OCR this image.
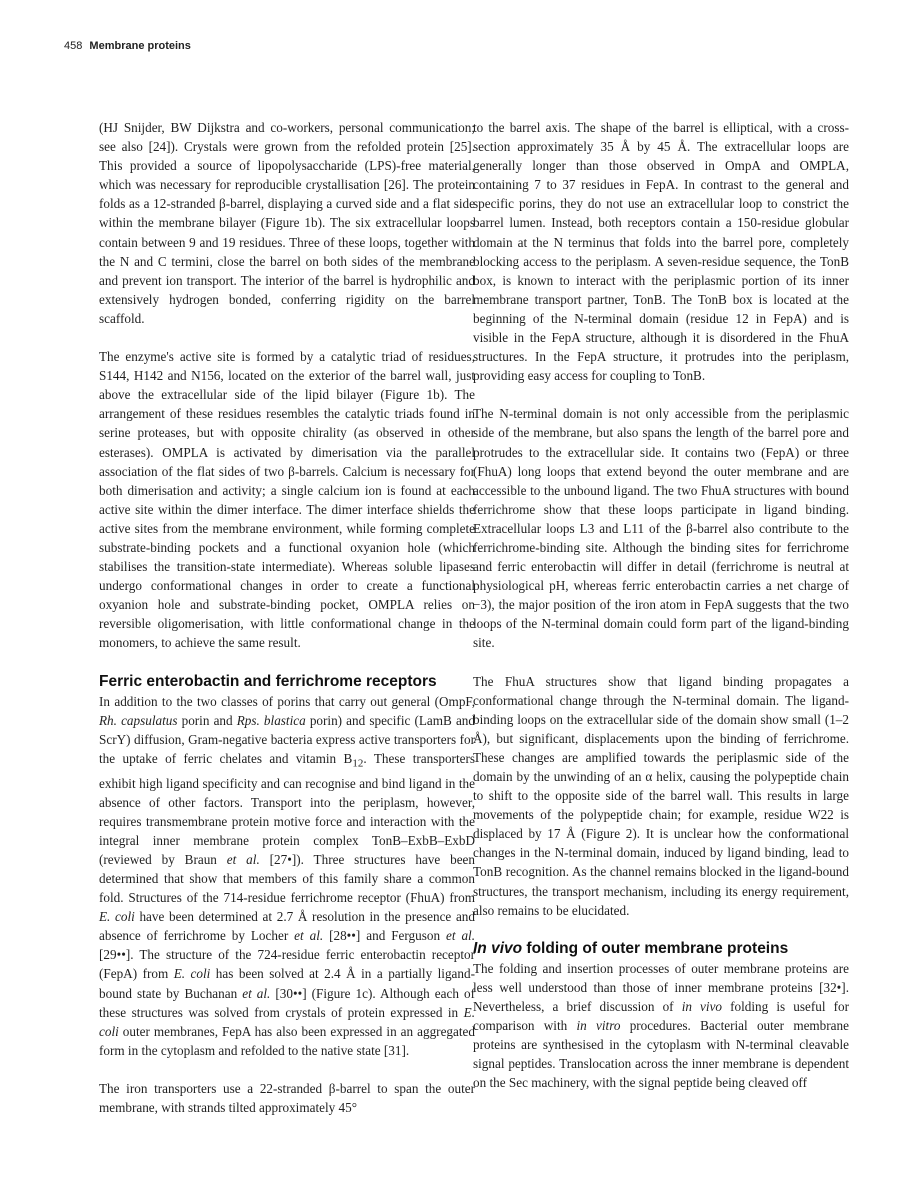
458 Membrane proteins

(HJ Snijder, BW Dijkstra and co-workers, personal communication; see also [24]). Crystals were grown from the refolded protein [25]. This provided a source of lipopolysaccharide (LPS)-free material, which was necessary for reproducible crystallisation [26]. The protein folds as a 12-stranded β-barrel, displaying a curved side and a flat side within the membrane bilayer (Figure 1b). The six extracellular loops contain between 9 and 19 residues. Three of these loops, together with the N and C termini, close the barrel on both sides of the membrane and prevent ion transport. The interior of the barrel is hydrophilic and extensively hydrogen bonded, conferring rigidity on the barrel scaffold.

The enzyme's active site is formed by a catalytic triad of residues, S144, H142 and N156, located on the exterior of the barrel wall, just above the extracellular side of the lipid bilayer (Figure 1b). The arrangement of these residues resembles the catalytic triads found in serine proteases, but with opposite chirality (as observed in other esterases). OMPLA is activated by dimerisation via the parallel association of the flat sides of two β-barrels. Calcium is necessary for both dimerisation and activity; a single calcium ion is found at each active site within the dimer interface. The dimer interface shields the active sites from the membrane environment, while forming complete substrate-binding pockets and a functional oxyanion hole (which stabilises the transition-state intermediate). Whereas soluble lipases undergo conformational changes in order to create a functional oxyanion hole and substrate-binding pocket, OMPLA relies on reversible oligomerisation, with little conformational change in the monomers, to achieve the same result.

Ferric enterobactin and ferrichrome receptors

In addition to the two classes of porins that carry out general (OmpF, Rh. capsulatus porin and Rps. blastica porin) and specific (LamB and ScrY) diffusion, Gram-negative bacteria express active transporters for the uptake of ferric chelates and vitamin $B_{12}$. These transporters exhibit high ligand specificity and can recognise and bind ligand in the absence of other factors. Transport into the periplasm, however, requires transmembrane protein motive force and interaction with the integral inner membrane protein complex TonB–ExbB–ExbD (reviewed by Braun et al. [27•]). Three structures have been determined that show that members of this family share a common fold. Structures of the 714-residue ferrichrome receptor (FhuA) from E. coli have been determined at 2.7 Å resolution in the presence and absence of ferrichrome by Locher et al. [28••] and Ferguson et al. [29••]. The structure of the 724-residue ferric enterobactin receptor (FepA) from E. coli has been solved at 2.4 Å in a partially ligand-bound state by Buchanan et al. [30••] (Figure 1c). Although each of these structures was solved from crystals of protein expressed in E. coli outer membranes, FepA has also been expressed in an aggregated form in the cytoplasm and refolded to the native state [31].

The iron transporters use a 22-stranded β-barrel to span the outer membrane, with strands tilted approximately 45°

to the barrel axis. The shape of the barrel is elliptical, with a cross-section approximately 35 Å by 45 Å. The extracellular loops are generally longer than those observed in OmpA and OMPLA, containing 7 to 37 residues in FepA. In contrast to the general and specific porins, they do not use an extracellular loop to constrict the barrel lumen. Instead, both receptors contain a 150-residue globular domain at the N terminus that folds into the barrel pore, completely blocking access to the periplasm. A seven-residue sequence, the TonB box, is known to interact with the periplasmic portion of its inner membrane transport partner, TonB. The TonB box is located at the beginning of the N-terminal domain (residue 12 in FepA) and is visible in the FepA structure, although it is disordered in the FhuA structures. In the FepA structure, it protrudes into the periplasm, providing easy access for coupling to TonB.

The N-terminal domain is not only accessible from the periplasmic side of the membrane, but also spans the length of the barrel pore and protrudes to the extracellular side. It contains two (FepA) or three (FhuA) long loops that extend beyond the outer membrane and are accessible to the unbound ligand. The two FhuA structures with bound ferrichrome show that these loops participate in ligand binding. Extracellular loops L3 and L11 of the β-barrel also contribute to the ferrichrome-binding site. Although the binding sites for ferrichrome and ferric enterobactin will differ in detail (ferrichrome is neutral at physiological pH, whereas ferric enterobactin carries a net charge of −3), the major position of the iron atom in FepA suggests that the two loops of the N-terminal domain could form part of the ligand-binding site.

The FhuA structures show that ligand binding propagates a conformational change through the N-terminal domain. The ligand-binding loops on the extracellular side of the domain show small (1–2 Å), but significant, displacements upon the binding of ferrichrome. These changes are amplified towards the periplasmic side of the domain by the unwinding of an α helix, causing the polypeptide chain to shift to the opposite side of the barrel wall. This results in large movements of the polypeptide chain; for example, residue W22 is displaced by 17 Å (Figure 2). It is unclear how the conformational changes in the N-terminal domain, induced by ligand binding, lead to TonB recognition. As the channel remains blocked in the ligand-bound structures, the transport mechanism, including its energy requirement, also remains to be elucidated.

In vivo folding of outer membrane proteins

The folding and insertion processes of outer membrane proteins are less well understood than those of inner membrane proteins [32•]. Nevertheless, a brief discussion of in vivo folding is useful for comparison with in vitro procedures. Bacterial outer membrane proteins are synthesised in the cytoplasm with N-terminal cleavable signal peptides. Translocation across the inner membrane is dependent on the Sec machinery, with the signal peptide being cleaved off
